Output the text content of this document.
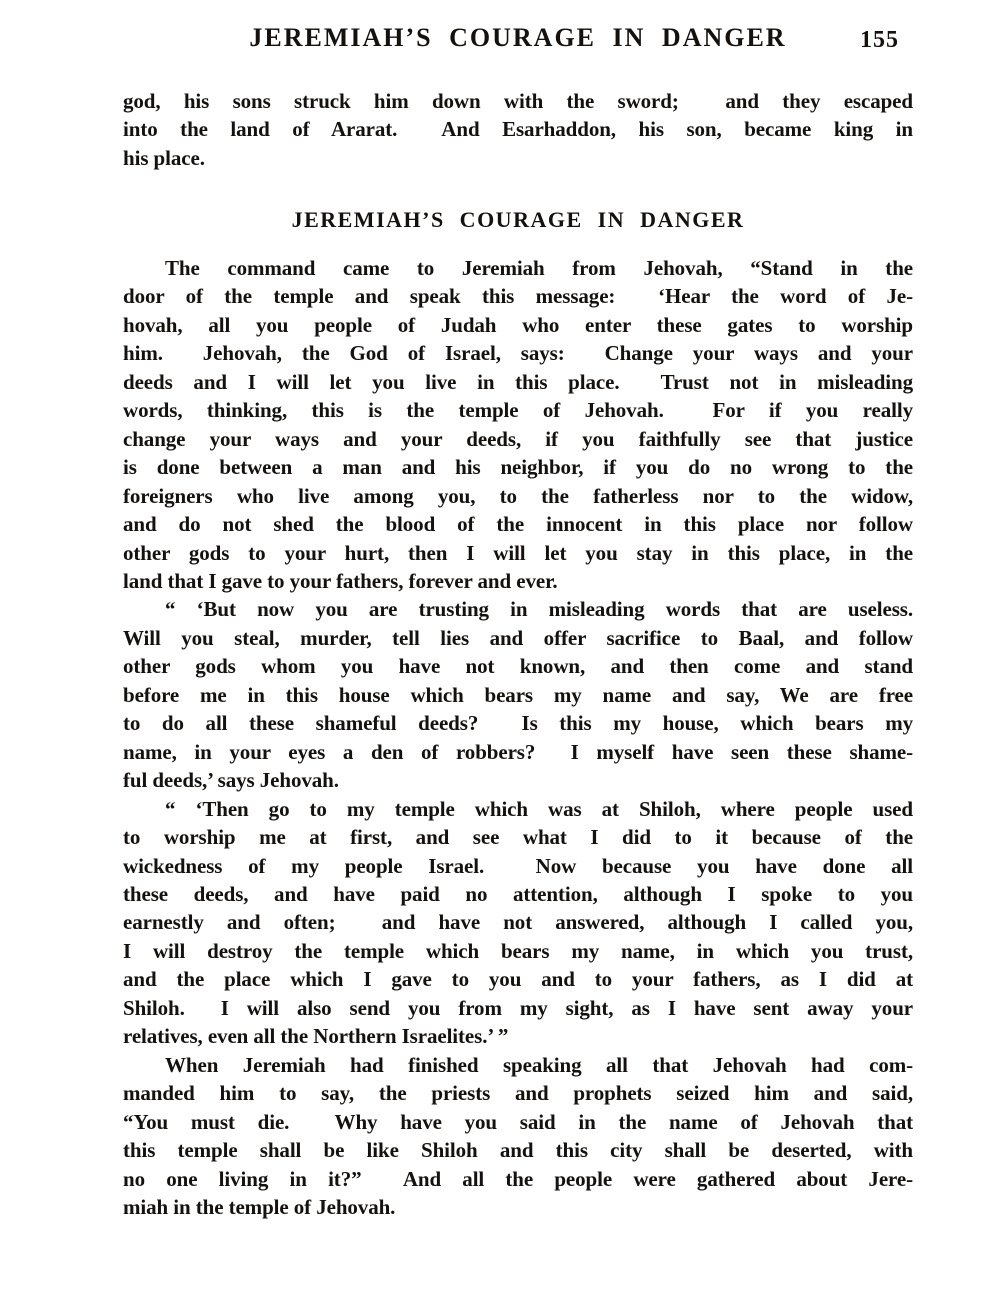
JEREMIAH’S COURAGE IN DANGER	155
god, his sons struck him down with the sword;  and they escaped
into the land of Ararat.  And Esarhaddon, his son, became king in
his place.
JEREMIAH’S COURAGE IN DANGER
The command came to Jeremiah from Jehovah, “Stand in the
door of the temple and speak this message:  ‘Hear the word of Je-
hovah, all you people of Judah who enter these gates to worship
him.  Jehovah, the God of Israel, says:  Change your ways and your
deeds and I will let you live in this place.  Trust not in misleading
words, thinking, this is the temple of Jehovah.  For if you really
change your ways and your deeds, if you faithfully see that justice
is done between a man and his neighbor, if you do no wrong to the
foreigners who live among you, to the fatherless nor to the widow,
and do not shed the blood of the innocent in this place nor follow
other gods to your hurt, then I will let you stay in this place, in the
land that I gave to your fathers, forever and ever.
“ ‘But now you are trusting in misleading words that are useless.
Will you steal, murder, tell lies and offer sacrifice to Baal, and follow
other gods whom you have not known, and then come and stand
before me in this house which bears my name and say, We are free
to do all these shameful deeds?  Is this my house, which bears my
name, in your eyes a den of robbers?  I myself have seen these shame-
ful deeds,’ says Jehovah.
“ ‘Then go to my temple which was at Shiloh, where people used
to worship me at first, and see what I did to it because of the
wickedness of my people Israel.  Now because you have done all
these deeds, and have paid no attention, although I spoke to you
earnestly and often;  and have not answered, although I called you,
I will destroy the temple which bears my name, in which you trust,
and the place which I gave to you and to your fathers, as I did at
Shiloh.  I will also send you from my sight, as I have sent away your
relatives, even all the Northern Israelites.’ ”
When Jeremiah had finished speaking all that Jehovah had com-
manded him to say, the priests and prophets seized him and said,
“You must die.  Why have you said in the name of Jehovah that
this temple shall be like Shiloh and this city shall be deserted, with
no one living in it?”  And all the people were gathered about Jere-
miah in the temple of Jehovah.
